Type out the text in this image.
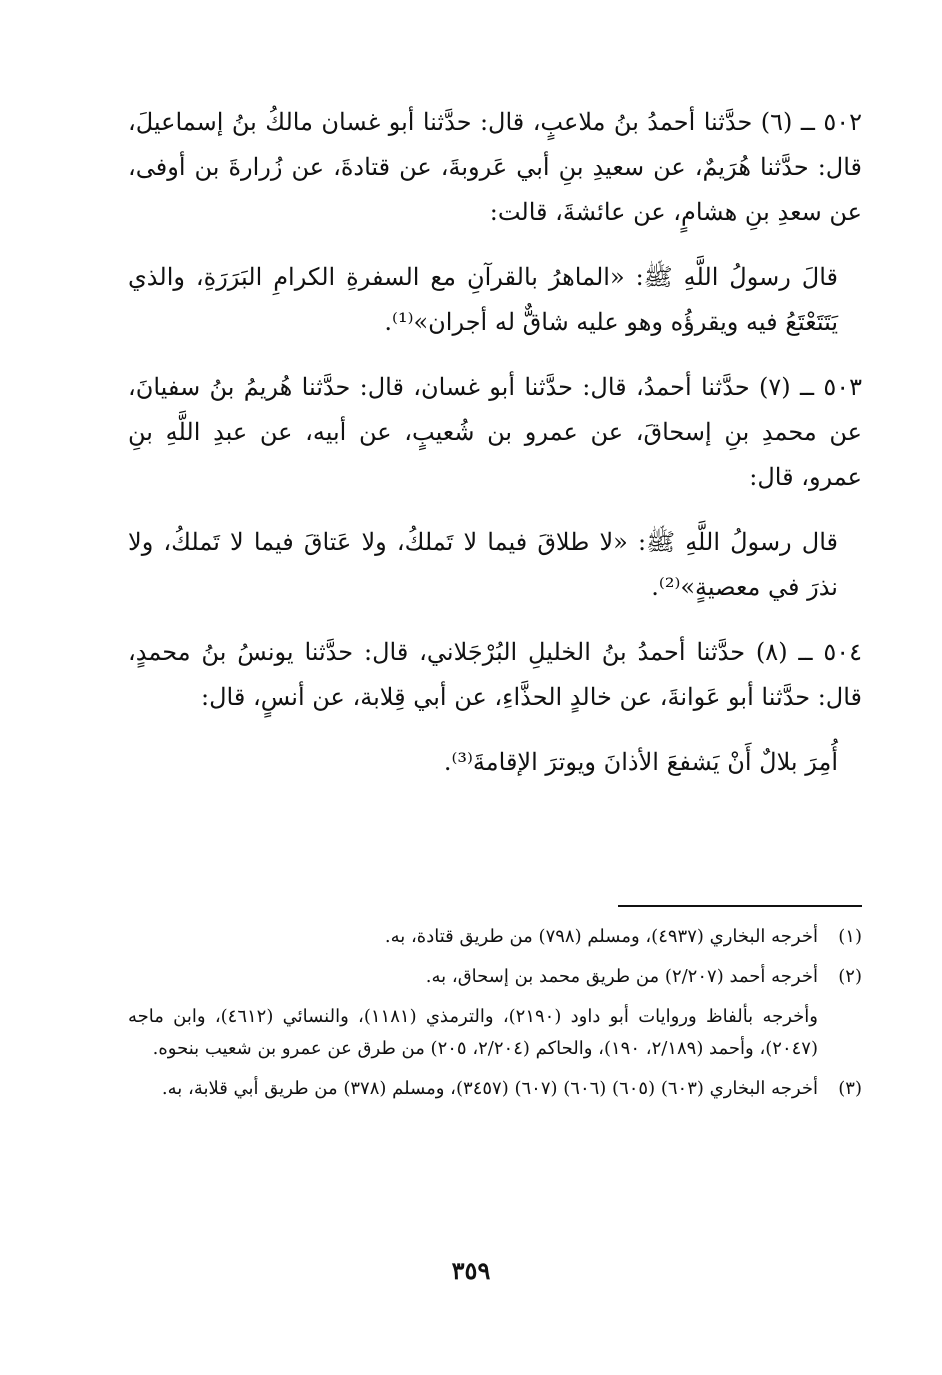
٥٠٢ ــ (٦) حدَّثنا أحمدُ بنُ ملاعبٍ، قال: حدَّثنا أبو غسان مالكُ بنُ إسماعيلَ، قال: حدَّثنا هُرَيمٌ، عن سعيدِ بنِ أبي عَروبةَ، عن قتادةَ، عن زُرارةَ بن أوفى، عن سعدِ بنِ هشامٍ، عن عائشةَ، قالت:

قالَ رسولُ اللَّهِ ﷺ: «الماهرُ بالقرآنِ مع السفرةِ الكرامِ البَرَرَةِ، والذي يَتَتَعْتَعُ فيه ويقرؤُه وهو عليه شاقٌّ له أجران»⁽¹⁾.

٥٠٣ ــ (٧) حدَّثنا أحمدُ، قال: حدَّثنا أبو غسان، قال: حدَّثنا هُريمُ بنُ سفيانَ، عن محمدِ بنِ إسحاقَ، عن عمرو بن شُعيبٍ، عن أبيه، عن عبدِ اللَّهِ بنِ عمرو، قال:

قال رسولُ اللَّهِ ﷺ: «لا طلاقَ فيما لا تَملكُ، ولا عَتاقَ فيما لا تَملكُ، ولا نذرَ في معصيةٍ»⁽²⁾.

٥٠٤ ــ (٨) حدَّثنا أحمدُ بنُ الخليلِ البُرْجَلاني، قال: حدَّثنا يونسُ بنُ محمدٍ، قال: حدَّثنا أبو عَوانةَ، عن خالدٍ الحذَّاءِ، عن أبي قِلابة، عن أنسٍ، قال:

أُمِرَ بلالٌ أَنْ يَشفعَ الأذانَ ويوترَ الإقامةَ⁽³⁾.

(١)
أخرجه البخاري (٤٩٣٧)، ومسلم (٧٩٨) من طريق قتادة، به.
(٢)
أخرجه أحمد (٢/٢٠٧) من طريق محمد بن إسحاق، به.
وأخرجه بألفاظ وروايات أبو داود (٢١٩٠)، والترمذي (١١٨١)، والنسائي (٤٦١٢)، وابن ماجه (٢٠٤٧)، وأحمد (٢/١٨٩، ١٩٠)، والحاكم (٢/٢٠٤، ٢٠٥) من طرق عن عمرو بن شعيب بنحوه.
(٣)
أخرجه البخاري (٦٠٣) (٦٠٥) (٦٠٦) (٦٠٧) (٣٤٥٧)، ومسلم (٣٧٨) من طريق أبي قلابة، به.
٣٥٩
